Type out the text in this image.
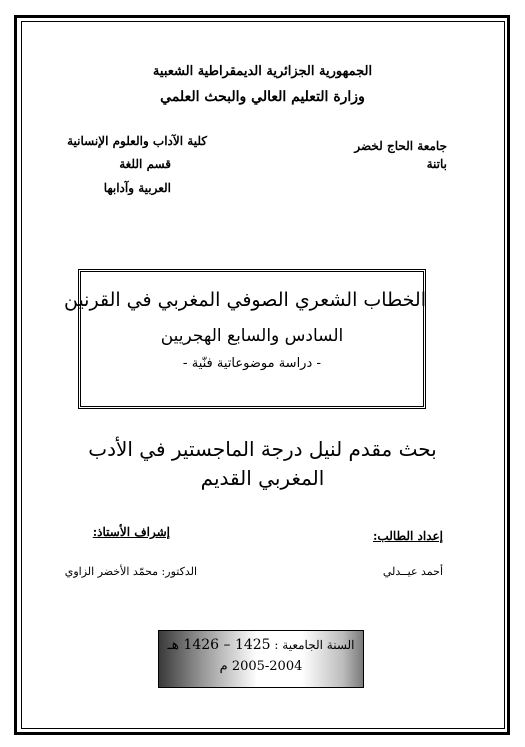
الجمهورية الجزائرية الديمقراطية الشعبية
وزارة التعليم العالي والبحث العلمي
جامعة الحاج لخضر
باتنة
كلية الآداب والعلوم الإنسانية
قسم اللغة
العربية وآدابها
الخطاب الشعري الصوفي المغربي في القرنين
السادس والسابع الهجريين
- دراسة موضوعاتية فنّية -
بحث مقدم لنيل درجة الماجستير في الأدب
المغربي القديم
إعداد الطالب:
إشراف الأستاذ:
أحمد عيــدلي
الدكتور: محمّد الأخضر الزاوي
السنة الجامعية : 1425 – 1426 هـ
2005-2004 م
